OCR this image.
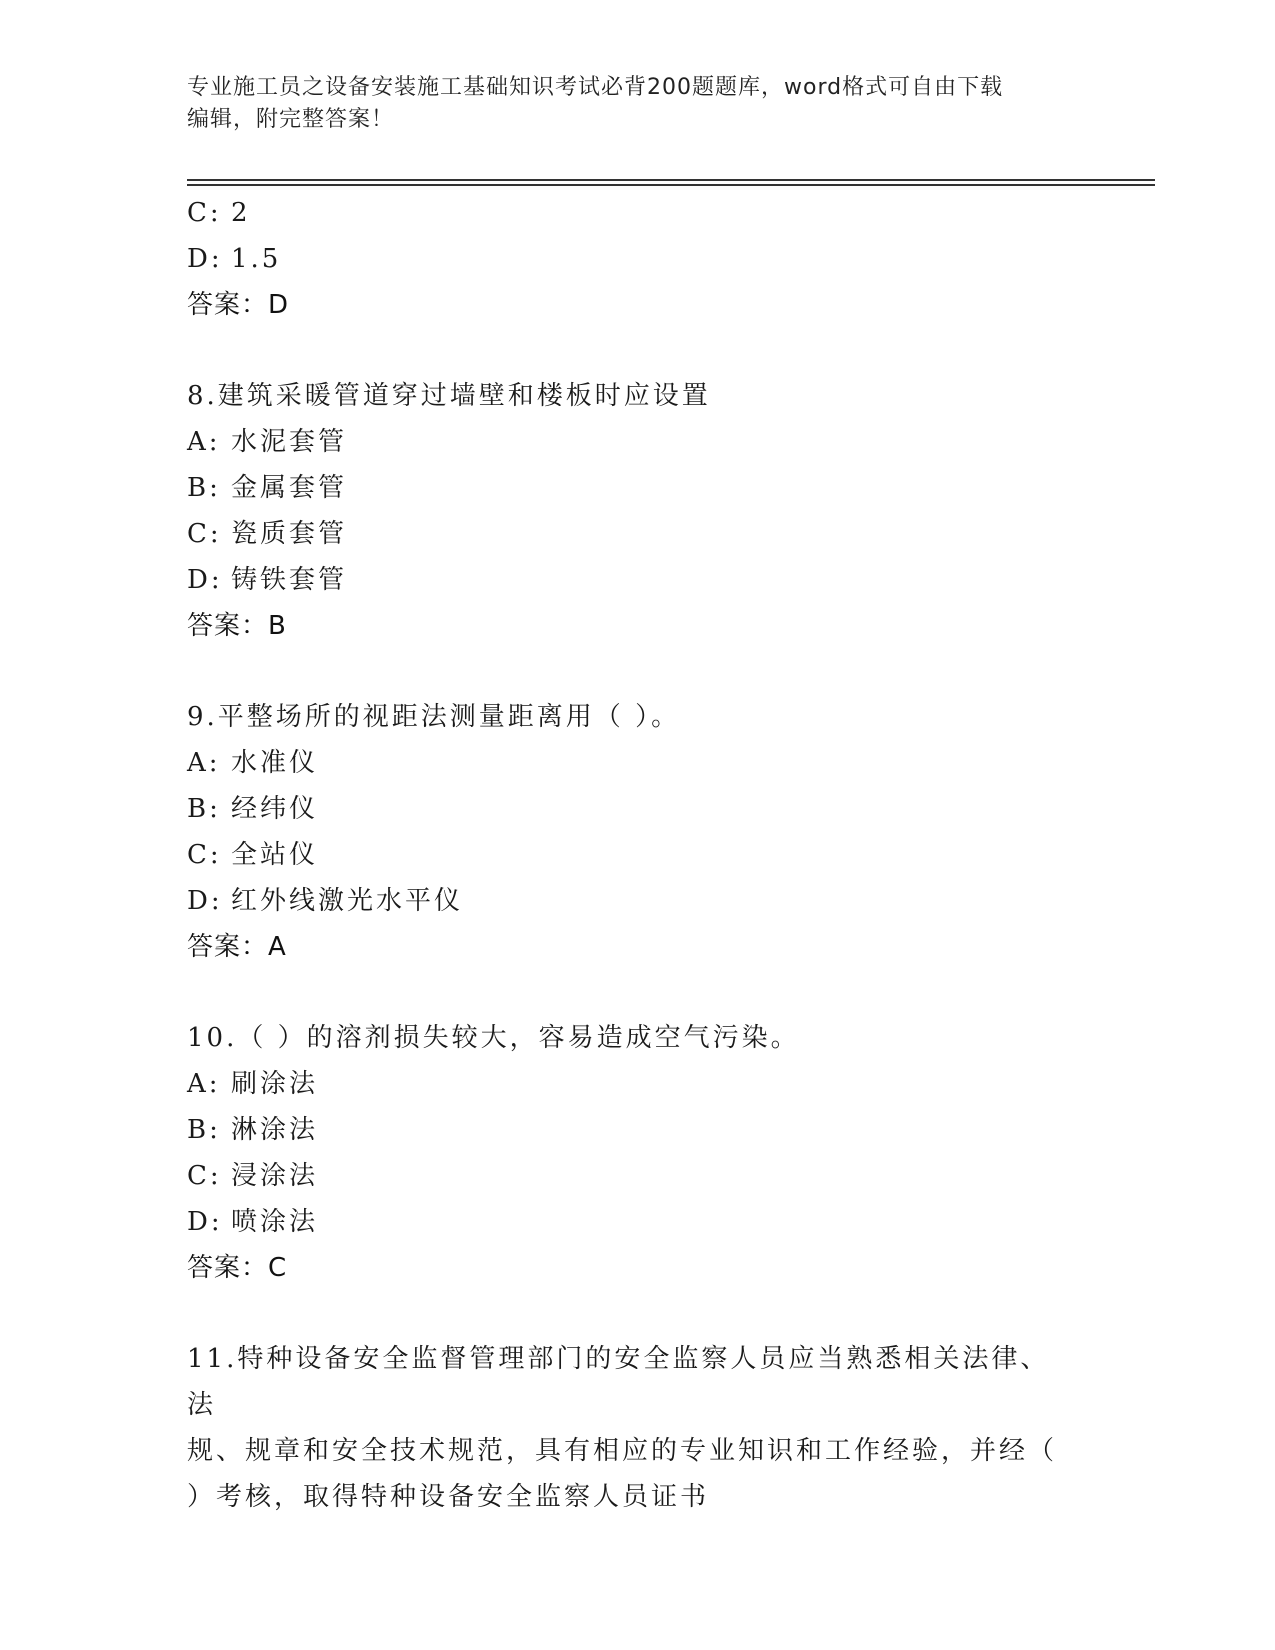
专业施工员之设备安装施工基础知识考试必背200题题库，word格式可自由下载
编辑，附完整答案！
C: 2
D: 1.5
答案：D
8.建筑采暖管道穿过墙壁和楼板时应设置
A: 水泥套管
B: 金属套管
C: 瓷质套管
D: 铸铁套管
答案：B
9.平整场所的视距法测量距离用（ ）。
A: 水准仪
B: 经纬仪
C: 全站仪
D: 红外线激光水平仪
答案：A
10.（ ）的溶剂损失较大，容易造成空气污染。
A: 刷涂法
B: 淋涂法
C: 浸涂法
D: 喷涂法
答案：C
11.特种设备安全监督管理部门的安全监察人员应当熟悉相关法律、法
规、规章和安全技术规范，具有相应的专业知识和工作经验，并经（
）考核，取得特种设备安全监察人员证书
